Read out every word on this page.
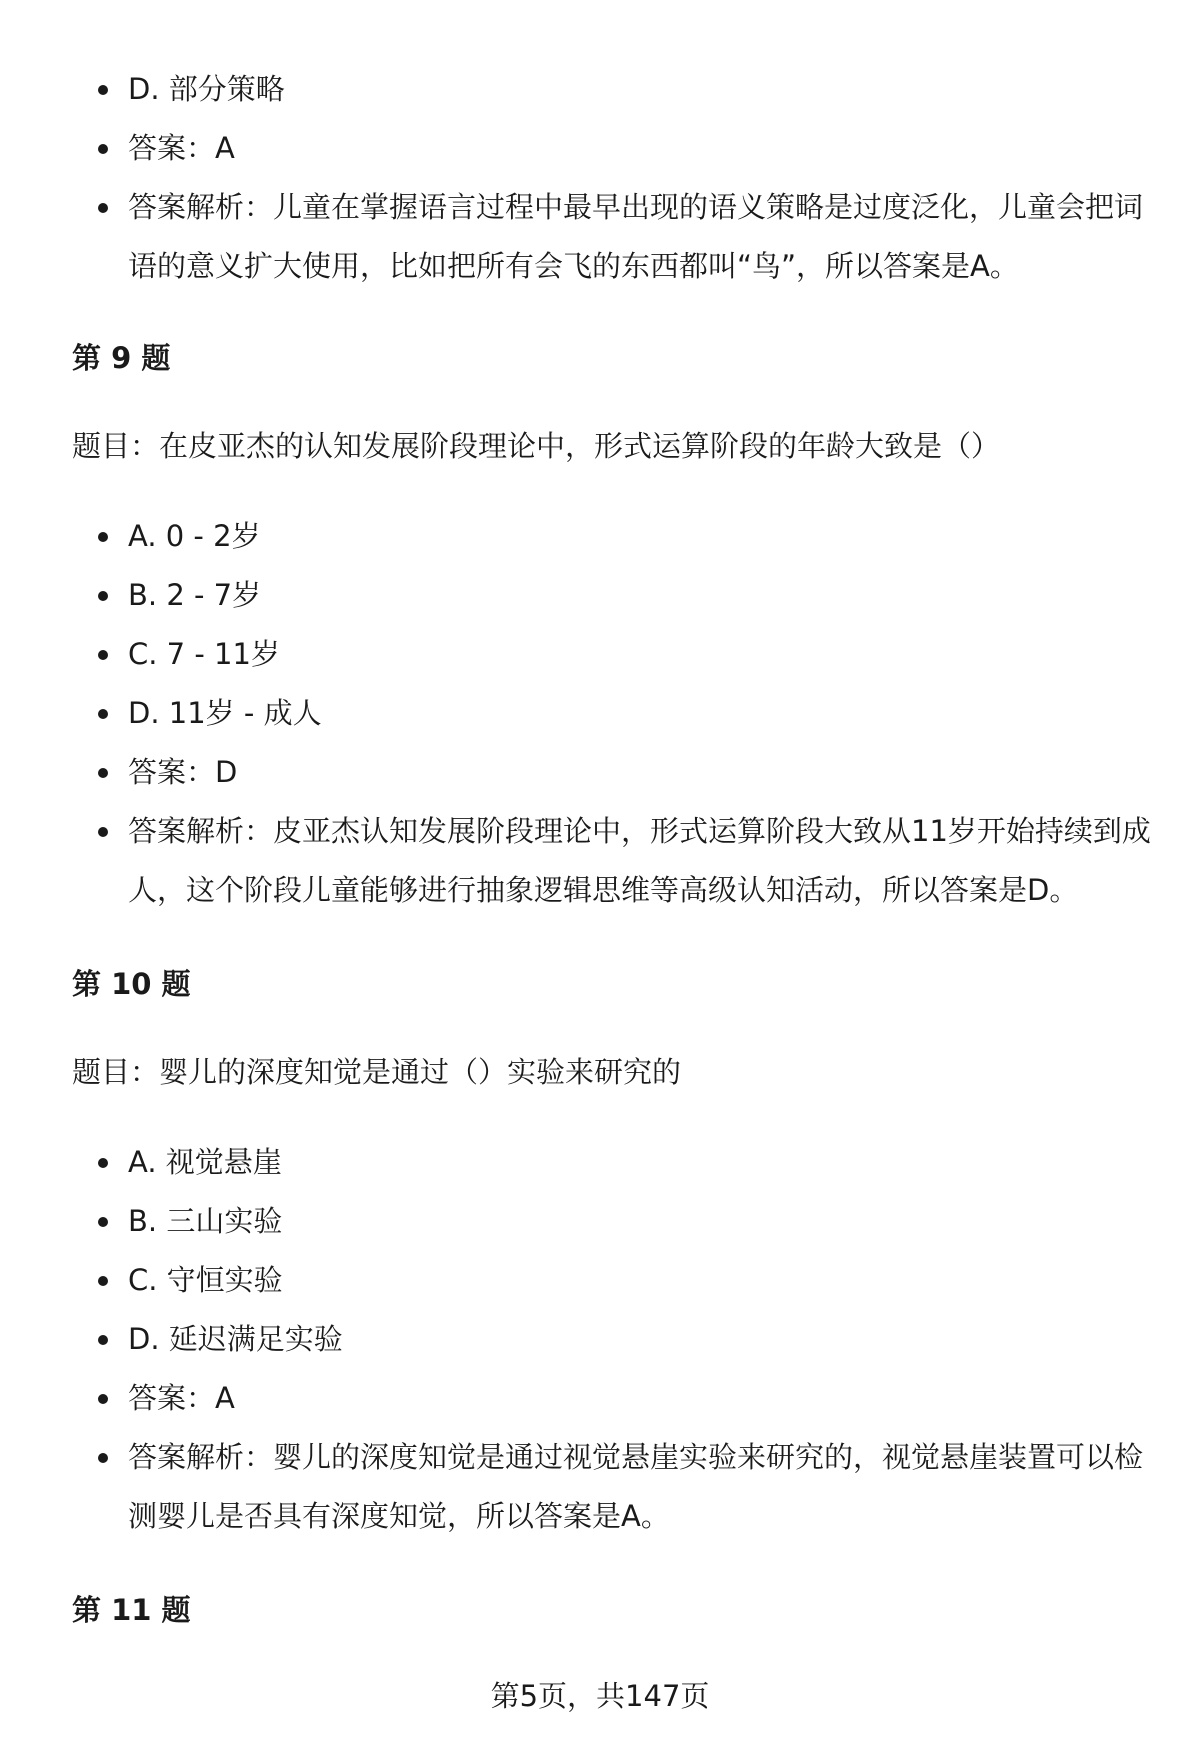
D. 部分策略
答案：A
答案解析：儿童在掌握语言过程中最早出现的语义策略是过度泛化，儿童会把词语的意义扩大使用，比如把所有会飞的东西都叫“鸟”，所以答案是A。
第 9 题

题目：在皮亚杰的认知发展阶段理论中，形式运算阶段的年龄大致是（）

A. 0 - 2岁
B. 2 - 7岁
C. 7 - 11岁
D. 11岁 - 成人
答案：D
答案解析：皮亚杰认知发展阶段理论中，形式运算阶段大致从11岁开始持续到成人，这个阶段儿童能够进行抽象逻辑思维等高级认知活动，所以答案是D。
第 10 题

题目：婴儿的深度知觉是通过（）实验来研究的

A. 视觉悬崖
B. 三山实验
C. 守恒实验
D. 延迟满足实验
答案：A
答案解析：婴儿的深度知觉是通过视觉悬崖实验来研究的，视觉悬崖装置可以检测婴儿是否具有深度知觉，所以答案是A。
第 11 题
第5页，共147页
